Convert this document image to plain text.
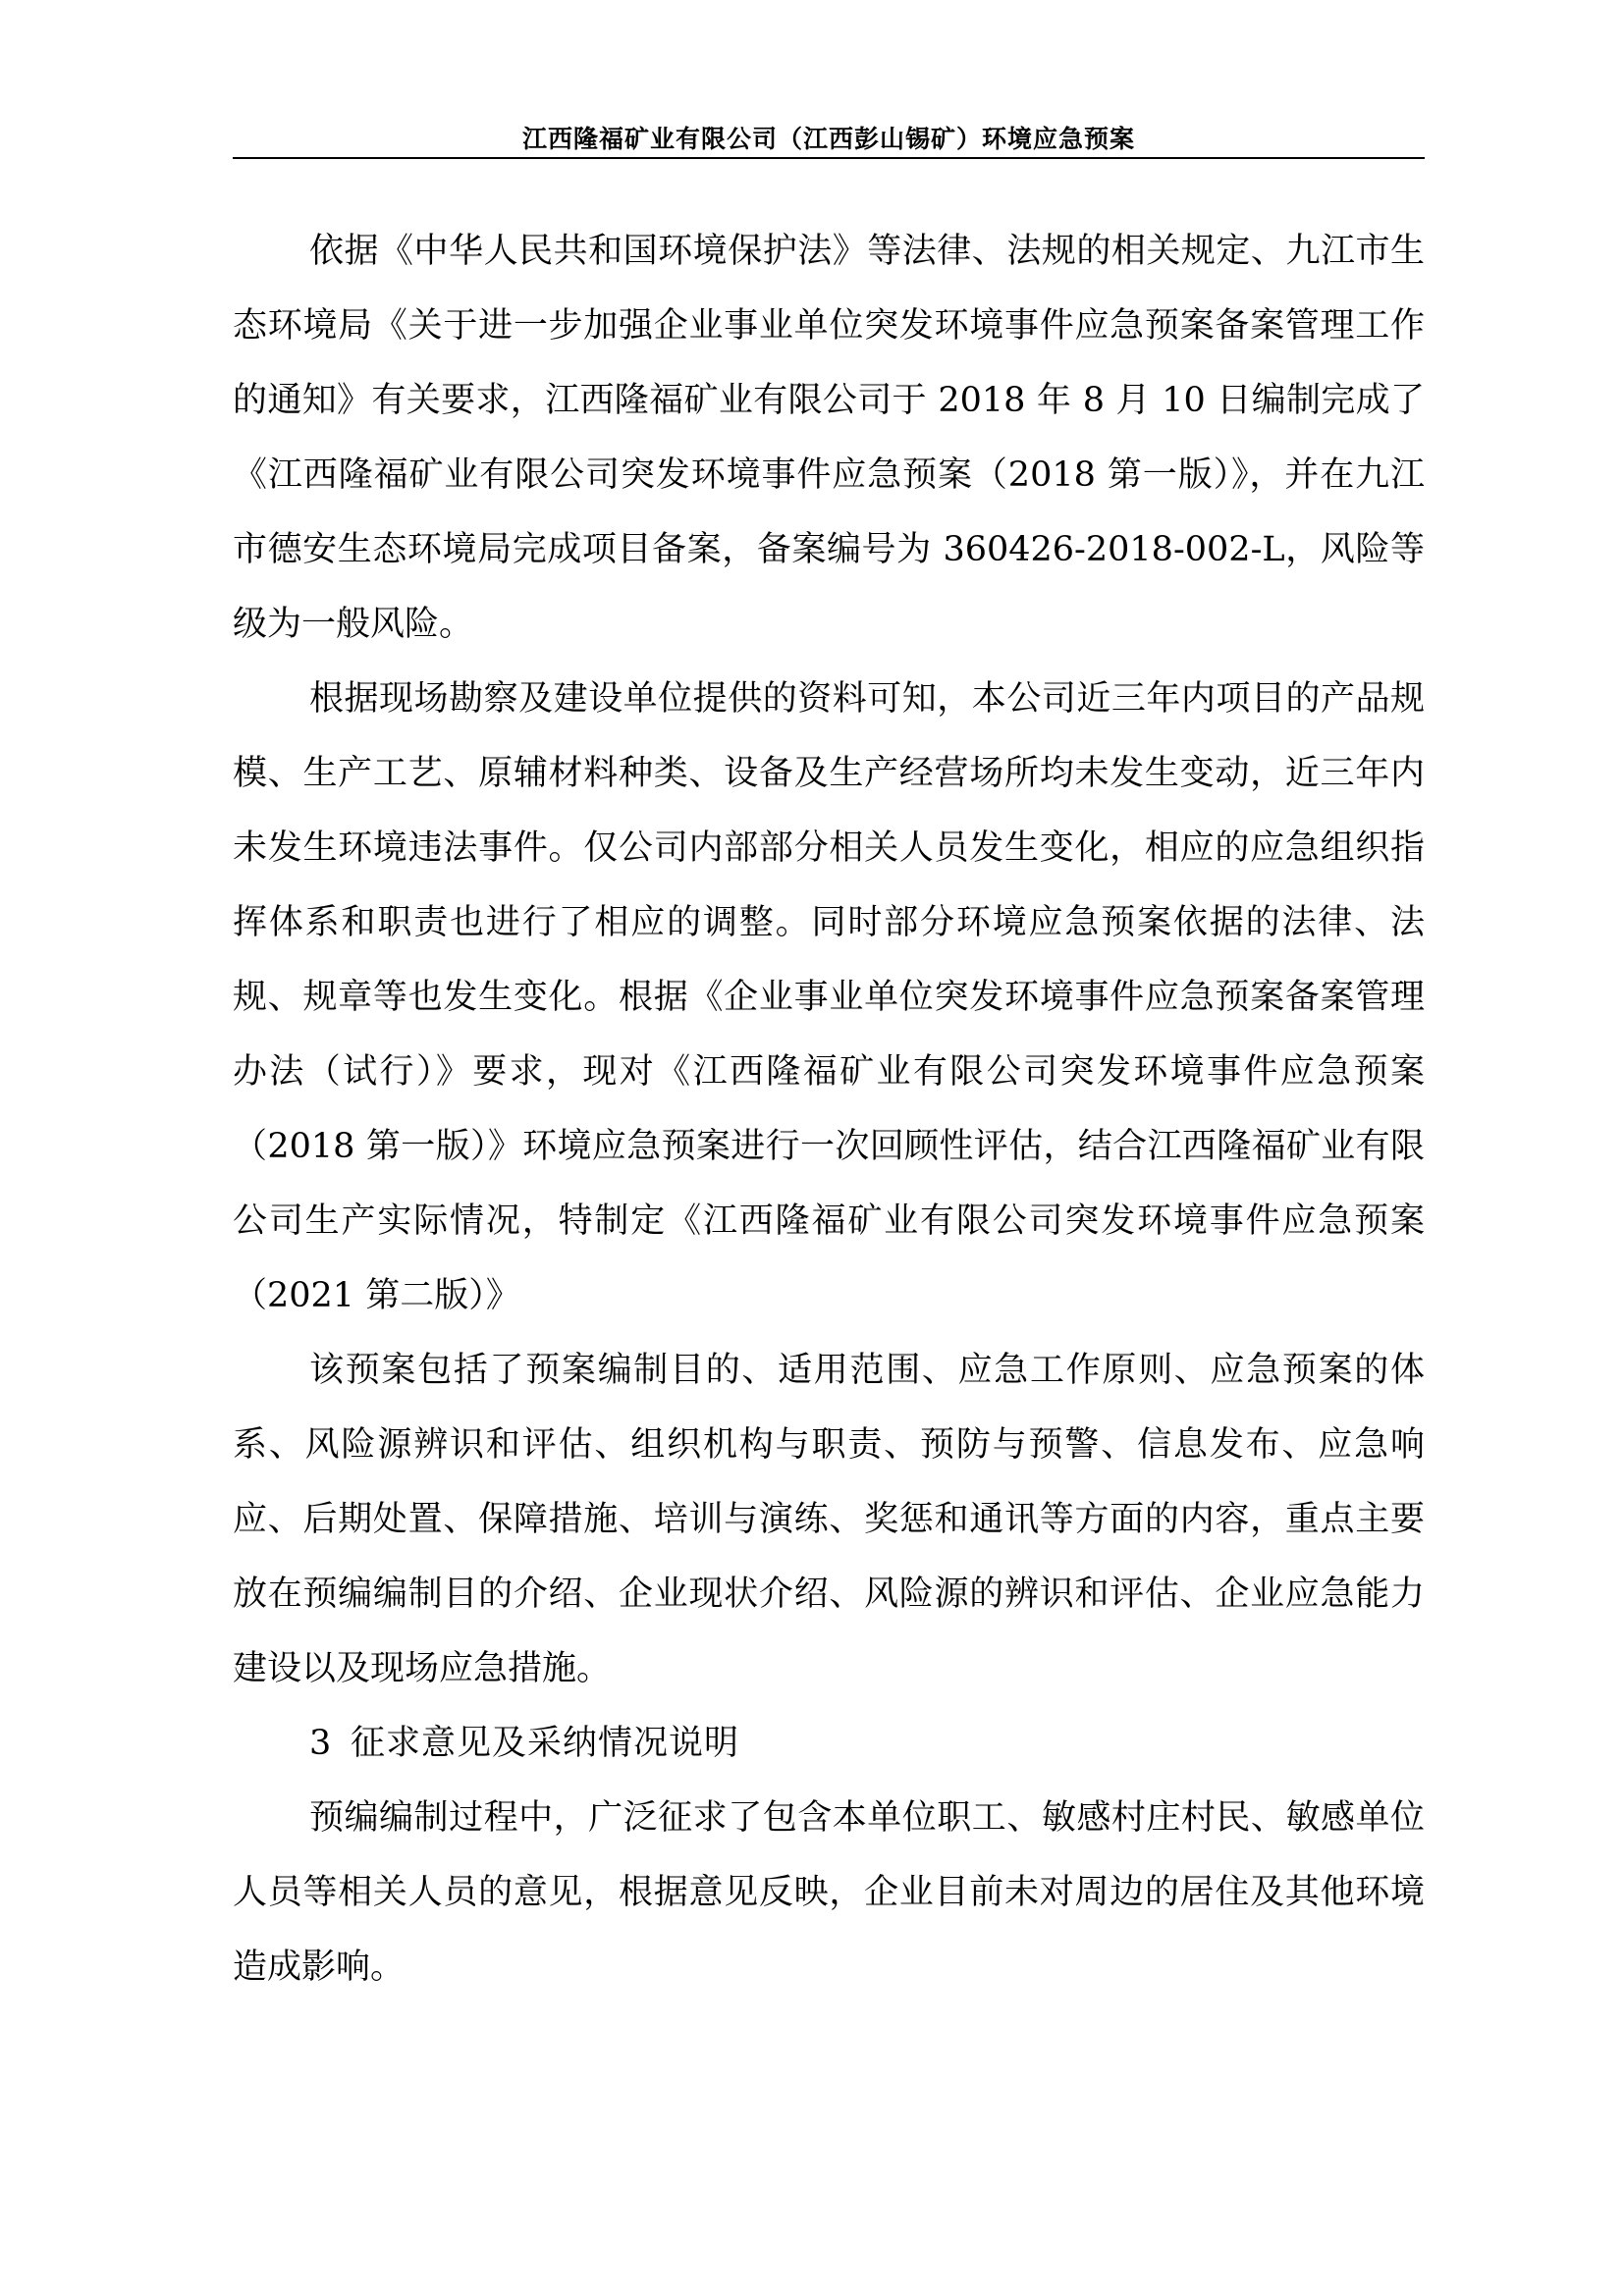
江西隆福矿业有限公司（江西彭山锡矿）环境应急预案

依据《中华人民共和国环境保护法》等法律、法规的相关规定、九江市生态环境局《关于进一步加强企业事业单位突发环境事件应急预案备案管理工作的通知》有关要求，江西隆福矿业有限公司于 2018 年 8 月 10 日编制完成了《江西隆福矿业有限公司突发环境事件应急预案（2018 第一版）》，并在九江市德安生态环境局完成项目备案，备案编号为 360426-2018-002-L，风险等级为一般风险。

根据现场勘察及建设单位提供的资料可知，本公司近三年内项目的产品规模、生产工艺、原辅材料种类、设备及生产经营场所均未发生变动，近三年内未发生环境违法事件。仅公司内部部分相关人员发生变化，相应的应急组织指挥体系和职责也进行了相应的调整。同时部分环境应急预案依据的法律、法规、规章等也发生变化。根据《企业事业单位突发环境事件应急预案备案管理办法（试行）》要求，现对《江西隆福矿业有限公司突发环境事件应急预案（2018 第一版）》环境应急预案进行一次回顾性评估，结合江西隆福矿业有限公司生产实际情况，特制定《江西隆福矿业有限公司突发环境事件应急预案（2021 第二版）》

该预案包括了预案编制目的、适用范围、应急工作原则、应急预案的体系、风险源辨识和评估、组织机构与职责、预防与预警、信息发布、应急响应、后期处置、保障措施、培训与演练、奖惩和通讯等方面的内容，重点主要放在预编编制目的介绍、企业现状介绍、风险源的辨识和评估、企业应急能力建设以及现场应急措施。

3 征求意见及采纳情况说明

预编编制过程中，广泛征求了包含本单位职工、敏感村庄村民、敏感单位人员等相关人员的意见，根据意见反映，企业目前未对周边的居住及其他环境造成影响。
